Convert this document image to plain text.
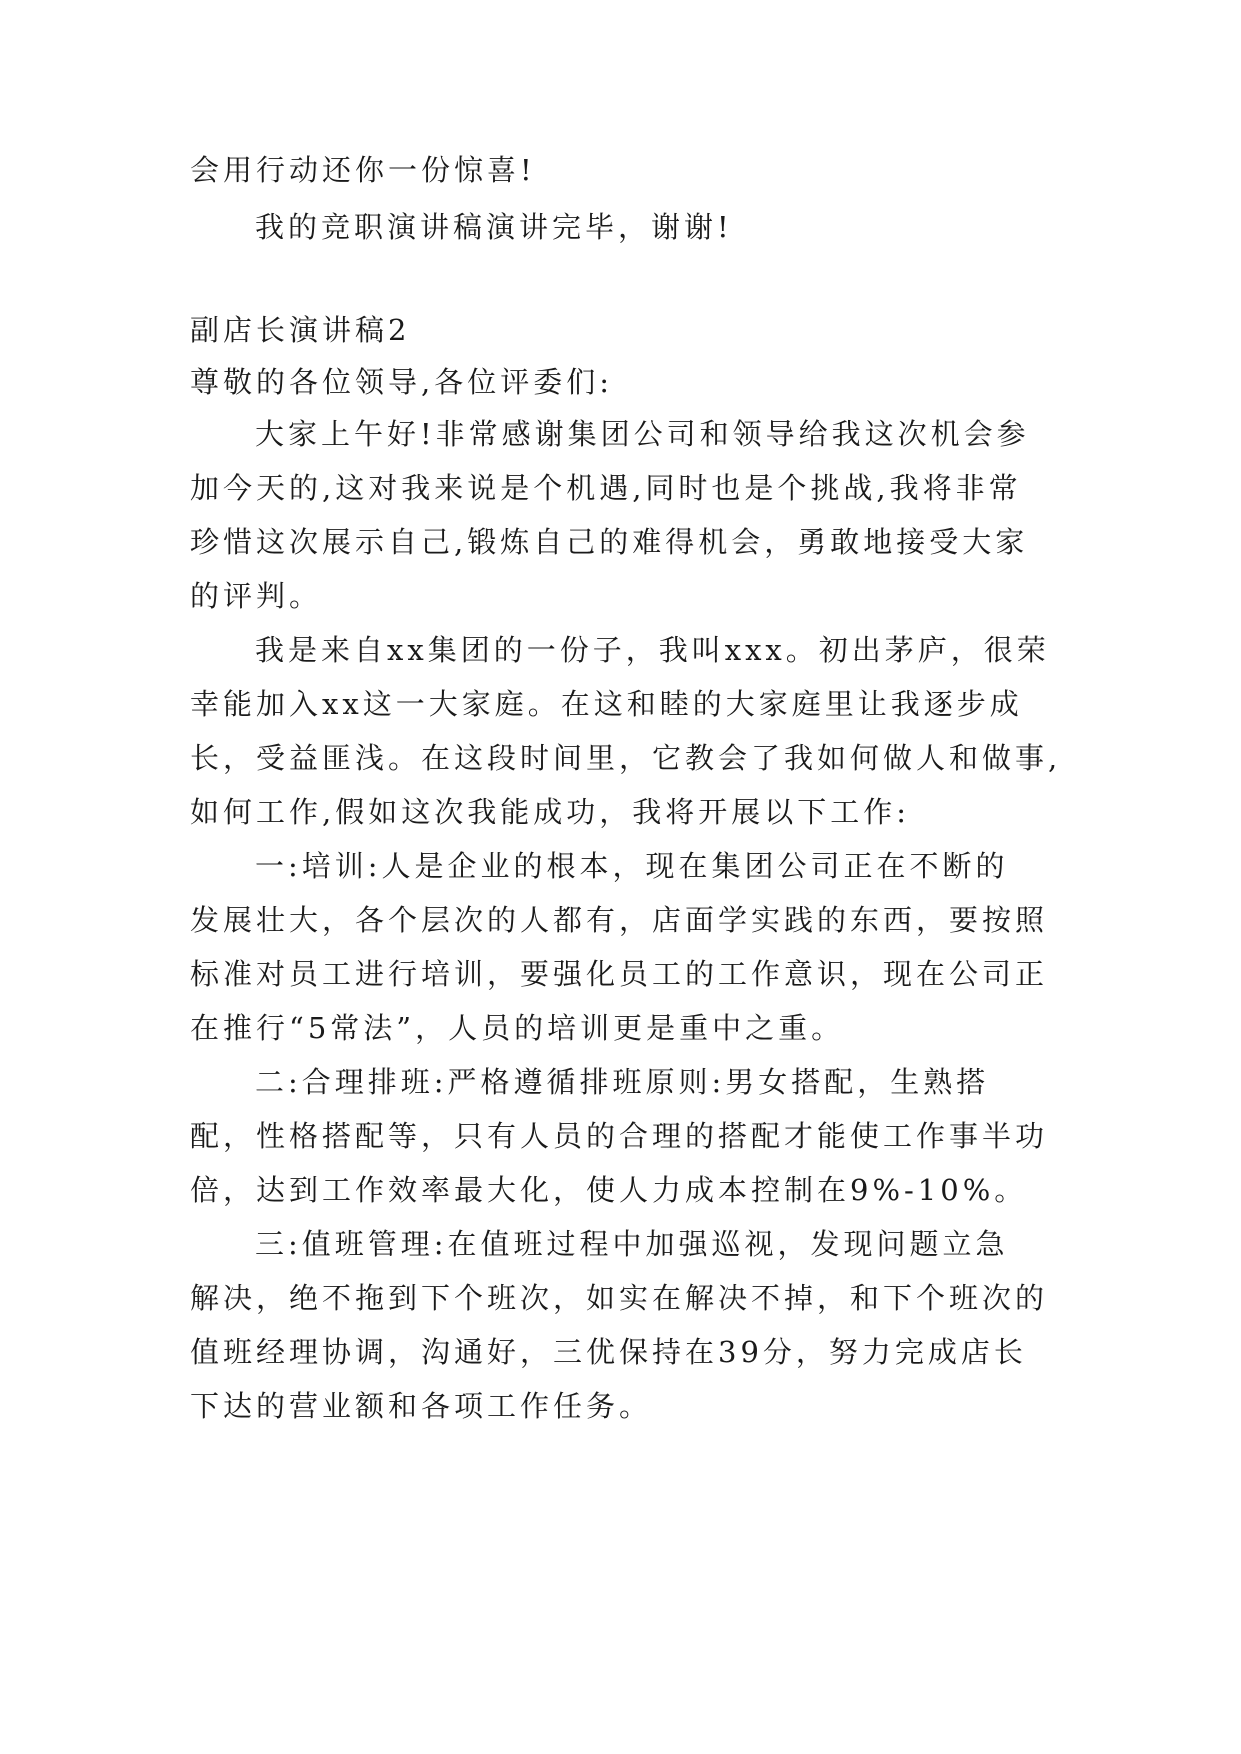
会用行动还你一份惊喜!
我的竞职演讲稿演讲完毕，谢谢!
副店长演讲稿2
尊敬的各位领导,各位评委们:
大家上午好!非常感谢集团公司和领导给我这次机会参
加今天的,这对我来说是个机遇,同时也是个挑战,我将非常
珍惜这次展示自己,锻炼自己的难得机会，勇敢地接受大家
的评判。
我是来自xx集团的一份子，我叫xxx。初出茅庐，很荣
幸能加入xx这一大家庭。在这和睦的大家庭里让我逐步成
长，受益匪浅。在这段时间里，它教会了我如何做人和做事,
如何工作,假如这次我能成功，我将开展以下工作:
一:培训:人是企业的根本，现在集团公司正在不断的
发展壮大，各个层次的人都有，店面学实践的东西，要按照
标准对员工进行培训，要强化员工的工作意识，现在公司正
在推行“5常法”，人员的培训更是重中之重。
二:合理排班:严格遵循排班原则:男女搭配，生熟搭
配，性格搭配等，只有人员的合理的搭配才能使工作事半功
倍，达到工作效率最大化，使人力成本控制在9%-10%。
三:值班管理:在值班过程中加强巡视，发现问题立急
解决，绝不拖到下个班次，如实在解决不掉，和下个班次的
值班经理协调，沟通好，三优保持在39分，努力完成店长
下达的营业额和各项工作任务。
